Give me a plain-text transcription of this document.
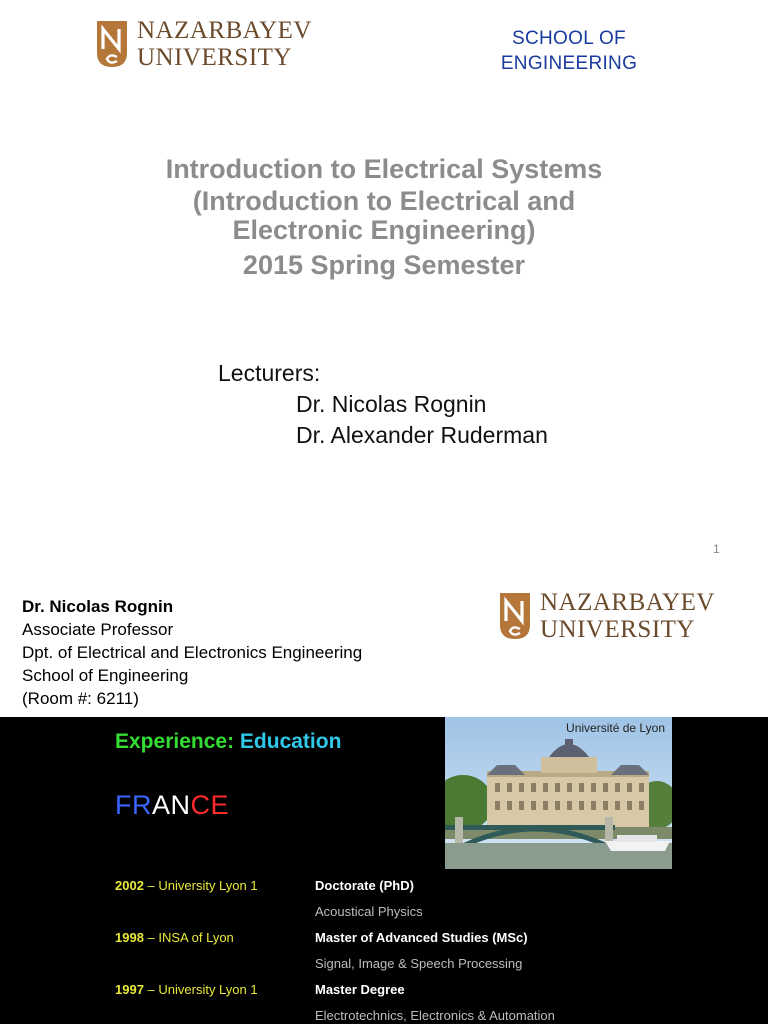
NAZARBAYEV
UNIVERSITY
SCHOOL OF
ENGINEERING
Introduction to Electrical Systems
(Introduction to Electrical and
Electronic Engineering)
2015 Spring Semester
Lecturers:
Dr. Nicolas Rognin
Dr. Alexander Ruderman
1
Dr. Nicolas Rognin
Associate Professor
Dpt. of Electrical and Electronics Engineering
School of Engineering
(Room #: 6211)
NAZARBAYEV
UNIVERSITY
Experience: Education
FRANCE
Université de Lyon
2002 – University Lyon 1	Doctorate (PhD)
Acoustical Physics
1998 – INSA of Lyon	Master of Advanced Studies (MSc)
Signal, Image & Speech Processing
1997 – University Lyon 1	Master Degree
Electrotechnics, Electronics & Automation
